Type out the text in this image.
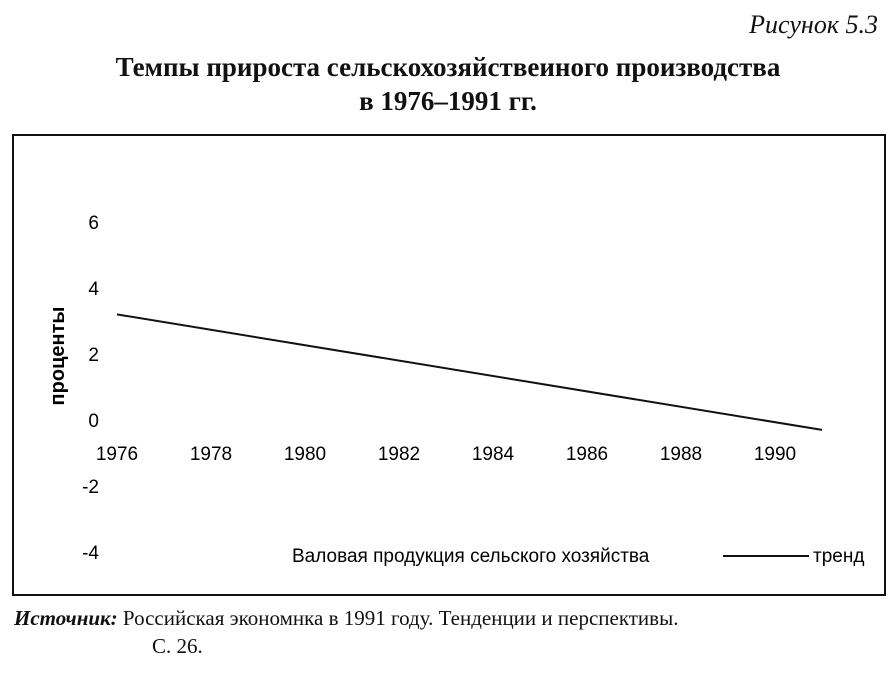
Рисунок 5.3
Темпы прироста сельскохозяйствеиного производства
в 1976–1991 гг.
проценты
6
4
2
0
-2
-4
1976	1978	1980	1982	1984	1986	1988	1990
Валовая продукция сельского хозяйства	тренд
Источник: Российская экономнка в 1991 году. Тенденции и перспективы.
С. 26.
